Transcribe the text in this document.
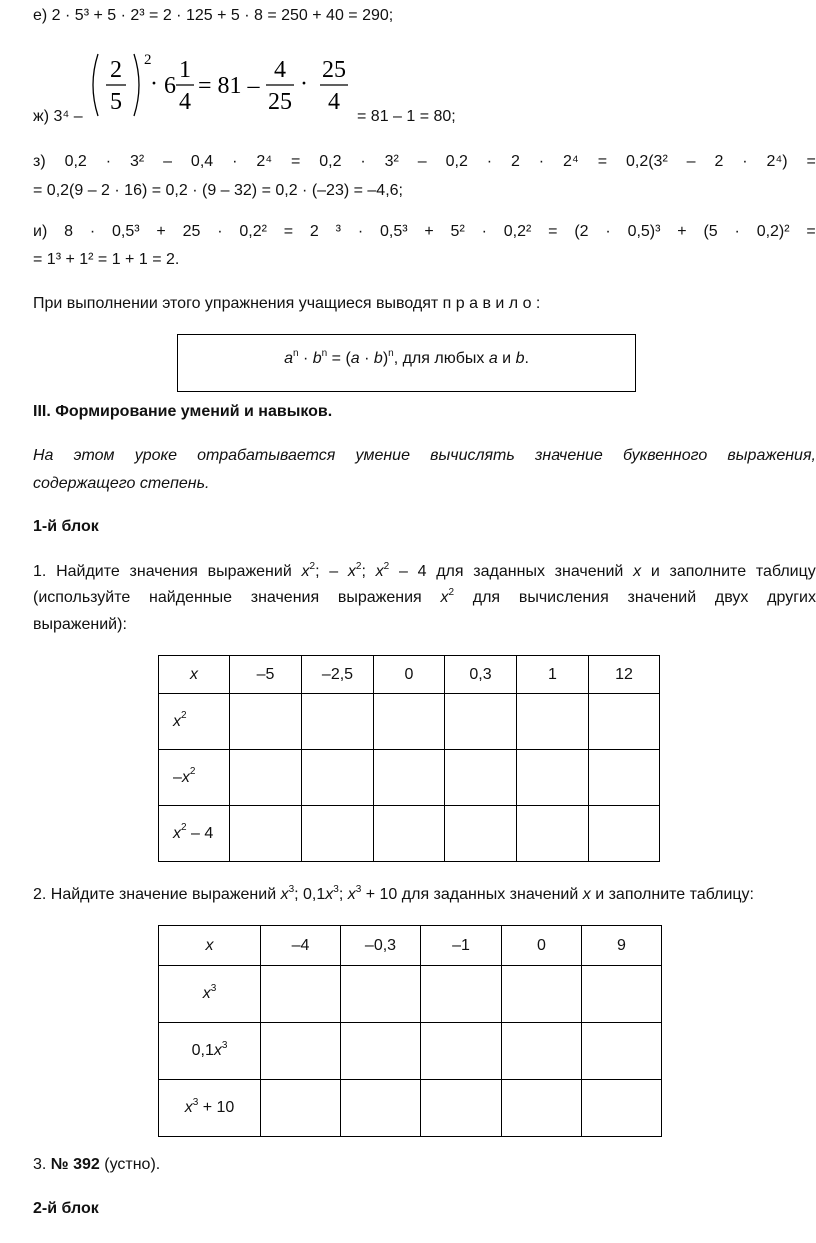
е) 2 · 5³ + 5 · 2³ = 2 · 125 + 5 · 8 = 250 + 40 = 290;
ж) 3⁴ –
2
5
2
· 6
1
4
= 81 –
4
25
·
25
4
= 81 – 1 = 80;
з) 0,2 · 3² – 0,4 · 2⁴ = 0,2 · 3² – 0,2 · 2 · 2⁴ = 0,2(3² – 2 · 2⁴) =
= 0,2(9 – 2 · 16) = 0,2 · (9 – 32) = 0,2 · (–23) = –4,6;
и) 8 · 0,5³ + 25 · 0,2² = 2 ³ · 0,5³ + 5² · 0,2² = (2 · 0,5)³ + (5 · 0,2)² =
= 1³ + 1² = 1 + 1 = 2.
При выполнении этого упражнения учащиеся выводят п р а в и л о :
$a^n \cdot b^n = (a \cdot b)^n$, для любых a и b.
III. Формирование умений и навыков.
На этом уроке отрабатывается умение вычислять значение буквенного выражения,
содержащего степень.
1-й блок
1. Найдите значения выражений $x^2$; – $x^2$; $x^2 - 4$ для заданных значений x и заполните таблицу
(используйте найденные значения выражения $x^2$ для вычисления значений двух других
выражений):
x	–5	–2,5	0	0,3	1	12
$x^2$						
$-x^2$						
$x^2 - 4$						
2. Найдите значение выражений $x^3$; $0,1x^3$; $x^3 + 10$ для заданных значений x и заполните таблицу:
x	–4	–0,3	–1	0	9
$x^3$					
$0,1x^3$					
$x^3 + 10$					
3. № 392 (устно).
2-й блок
